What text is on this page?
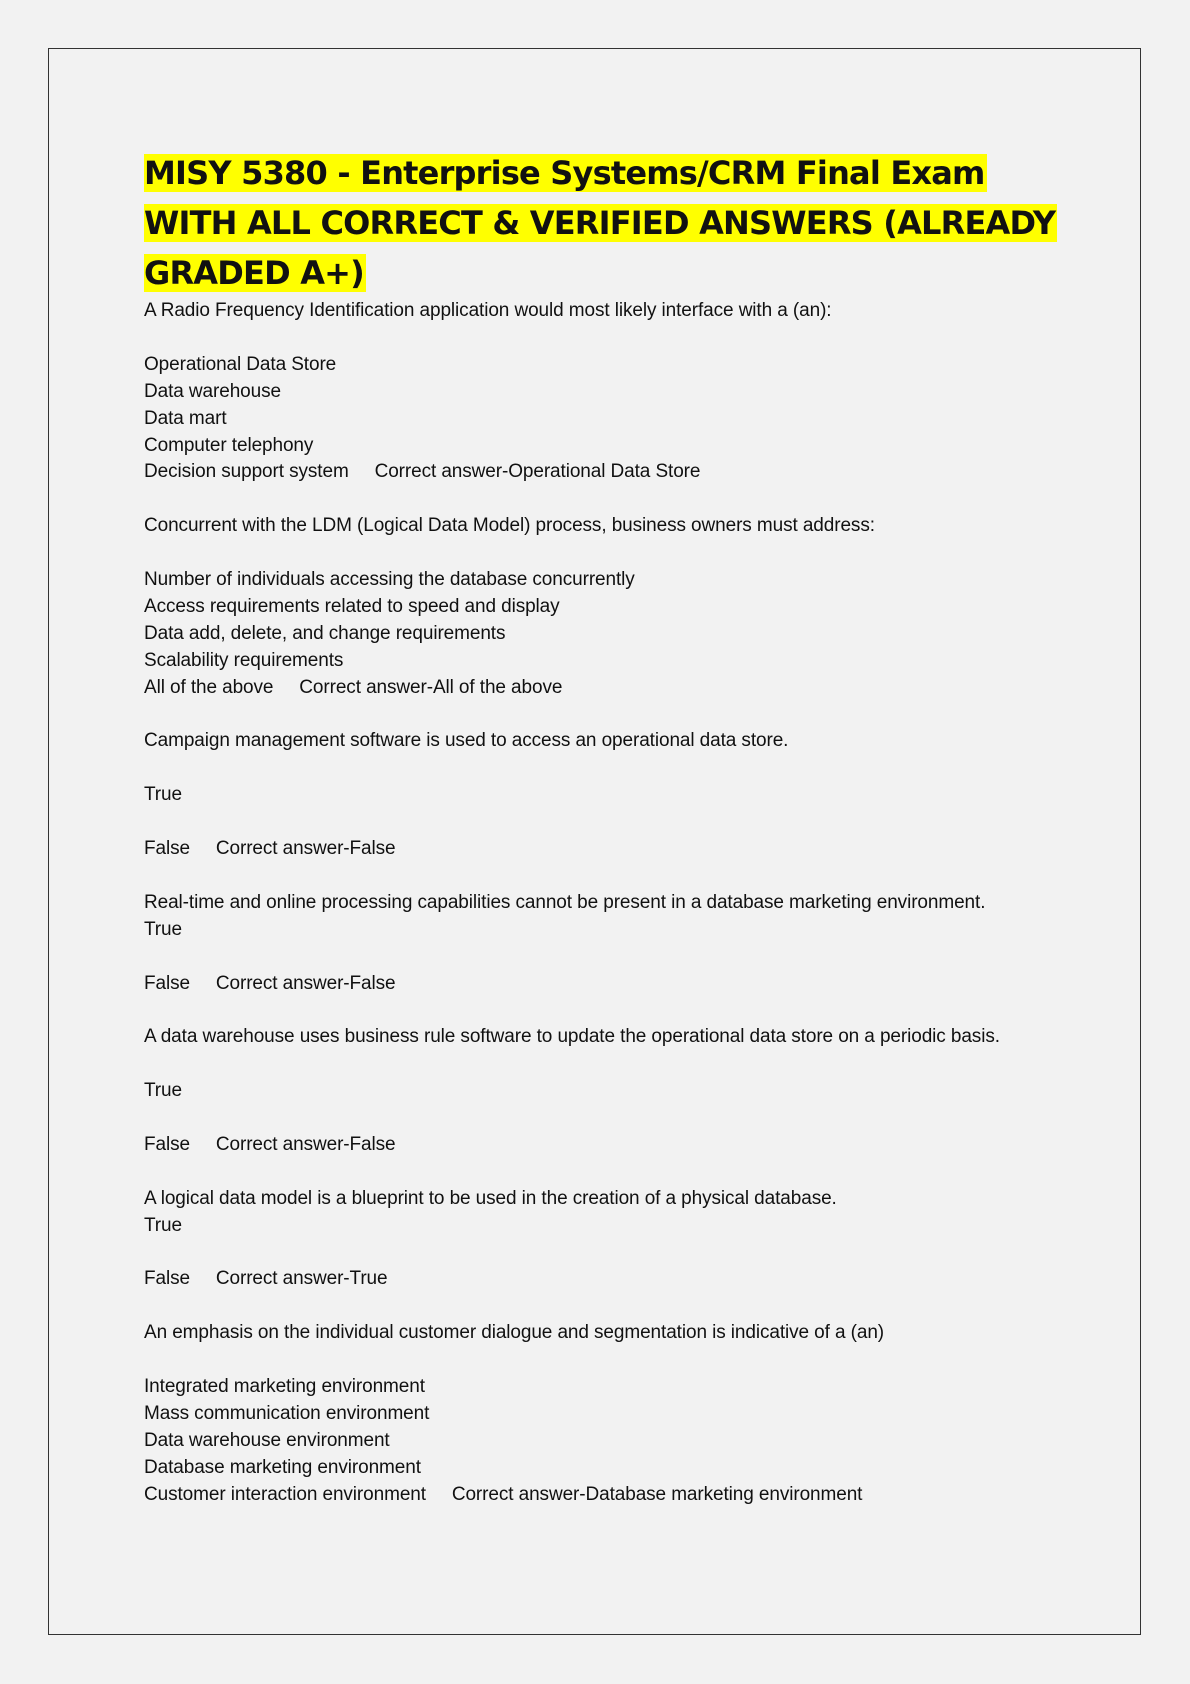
MISY 5380 - Enterprise Systems/CRM Final Exam WITH ALL CORRECT & VERIFIED ANSWERS (ALREADY GRADED A+)
A Radio Frequency Identification application would most likely interface with a (an):
Operational Data Store
Data warehouse
Data mart
Computer telephony
Decision support system Correct answer-Operational Data Store
Concurrent with the LDM (Logical Data Model) process, business owners must address:
Number of individuals accessing the database concurrently
Access requirements related to speed and display
Data add, delete, and change requirements
Scalability requirements
All of the above Correct answer-All of the above
Campaign management software is used to access an operational data store.
True
False Correct answer-False
Real-time and online processing capabilities cannot be present in a database marketing environment.
True
False Correct answer-False
A data warehouse uses business rule software to update the operational data store on a periodic basis.
True
False Correct answer-False
A logical data model is a blueprint to be used in the creation of a physical database.
True
False Correct answer-True
An emphasis on the individual customer dialogue and segmentation is indicative of a (an)
Integrated marketing environment
Mass communication environment
Data warehouse environment
Database marketing environment
Customer interaction environment Correct answer-Database marketing environment
